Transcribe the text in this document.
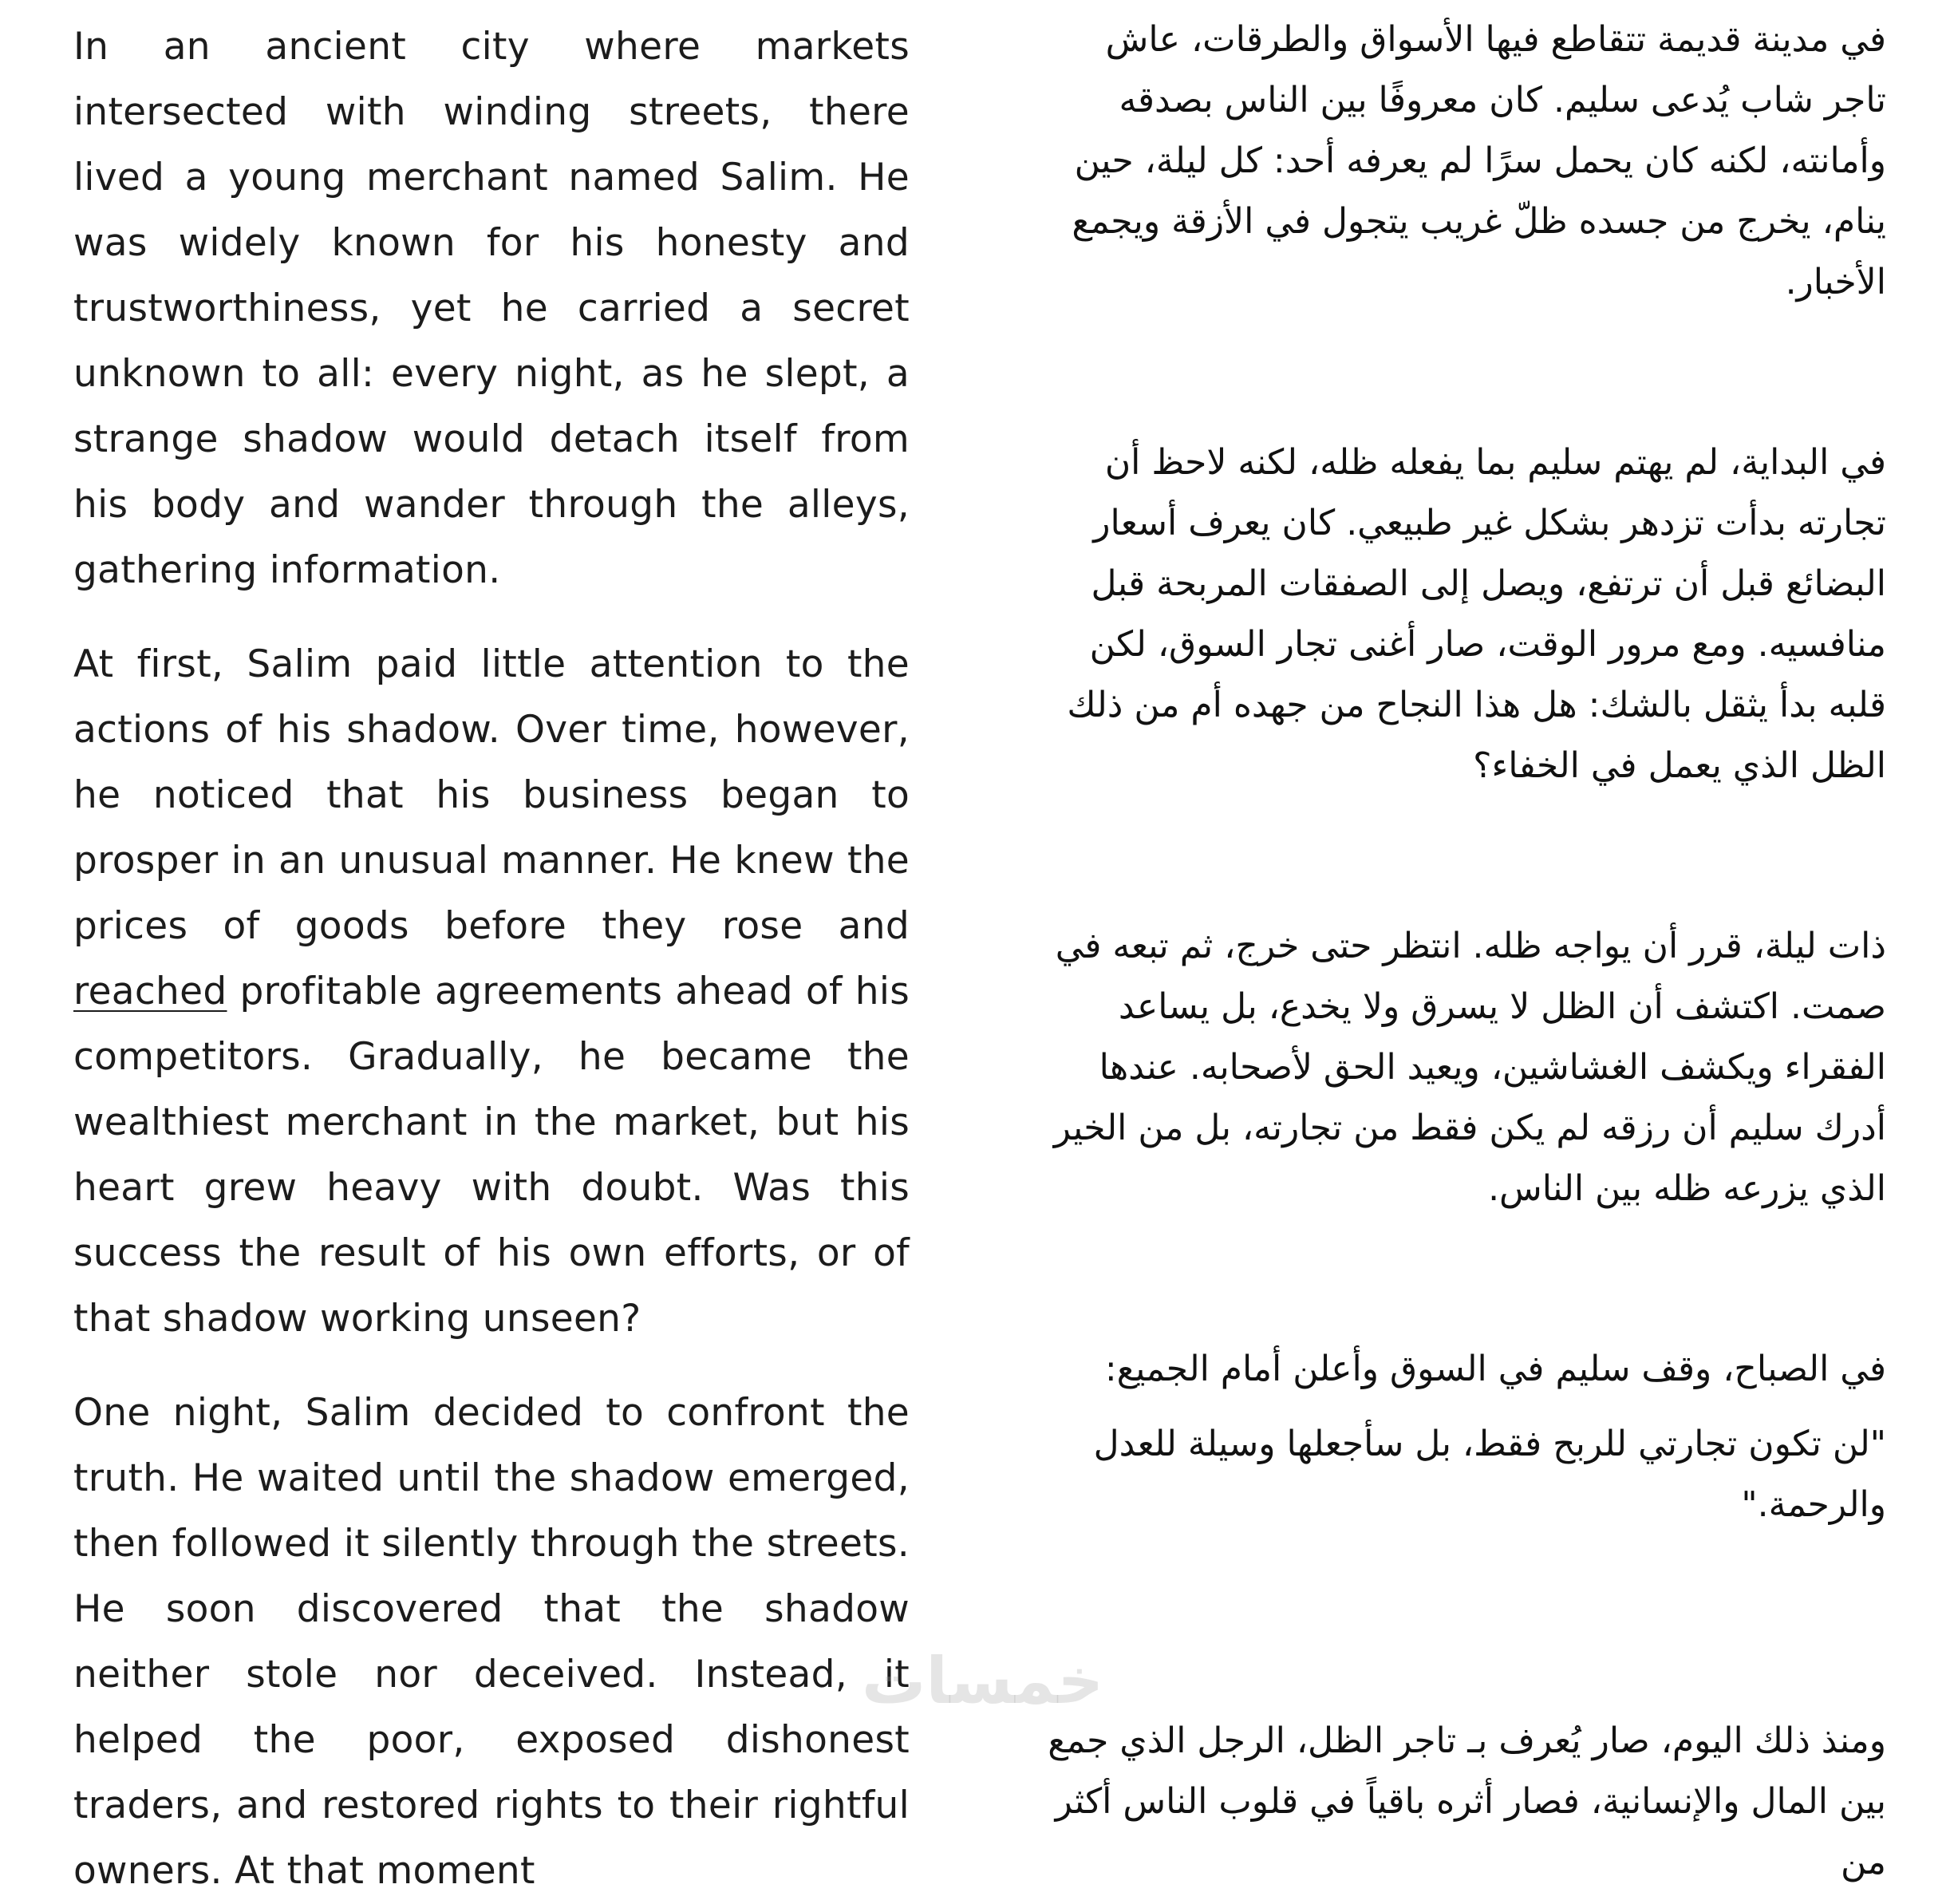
In an ancient city where markets intersected with winding streets, there lived a young merchant named Salim. He was widely known for his honesty and trustworthiness, yet he carried a secret unknown to all: every night, as he slept, a strange shadow would detach itself from his body and wander through the alleys, gathering information.

At first, Salim paid little attention to the actions of his shadow. Over time, however, he noticed that his business began to prosper in an unusual manner. He knew the prices of goods before they rose and reached profitable agreements ahead of his competitors. Gradually, he became the wealthiest merchant in the market, but his heart grew heavy with doubt. Was this success the result of his own efforts, or of that shadow working unseen?

One night, Salim decided to confront the truth. He waited until the shadow emerged, then followed it silently through the streets. He soon discovered that the shadow neither stole nor deceived. Instead, it helped the poor, exposed dishonest traders, and restored rights to their rightful owners. At that moment

في مدينة قديمة تتقاطع فيها الأسواق والطرقات، عاش تاجر شاب يُدعى سليم. كان معروفًا بين الناس بصدقه وأمانته، لكنه كان يحمل سرًا لم يعرفه أحد: كل ليلة، حين ينام، يخرج من جسده ظلّ غريب يتجول في الأزقة ويجمع الأخبار.

في البداية، لم يهتم سليم بما يفعله ظله، لكنه لاحظ أن تجارته بدأت تزدهر بشكل غير طبيعي. كان يعرف أسعار البضائع قبل أن ترتفع، ويصل إلى الصفقات المربحة قبل منافسيه. ومع مرور الوقت، صار أغنى تجار السوق، لكن قلبه بدأ يثقل بالشك: هل هذا النجاح من جهده أم من ذلك الظل الذي يعمل في الخفاء؟

ذات ليلة، قرر أن يواجه ظله. انتظر حتى خرج، ثم تبعه في صمت. اكتشف أن الظل لا يسرق ولا يخدع، بل يساعد الفقراء ويكشف الغشاشين، ويعيد الحق لأصحابه. عندها أدرك سليم أن رزقه لم يكن فقط من تجارته، بل من الخير الذي يزرعه ظله بين الناس.

في الصباح، وقف سليم في السوق وأعلن أمام الجميع:

"لن تكون تجارتي للربح فقط، بل سأجعلها وسيلة للعدل والرحمة."

ومنذ ذلك اليوم، صار يُعرف بـ تاجر الظل، الرجل الذي جمع بين المال والإنسانية، فصار أثره باقياً في قلوب الناس أكثر من

خمسات
